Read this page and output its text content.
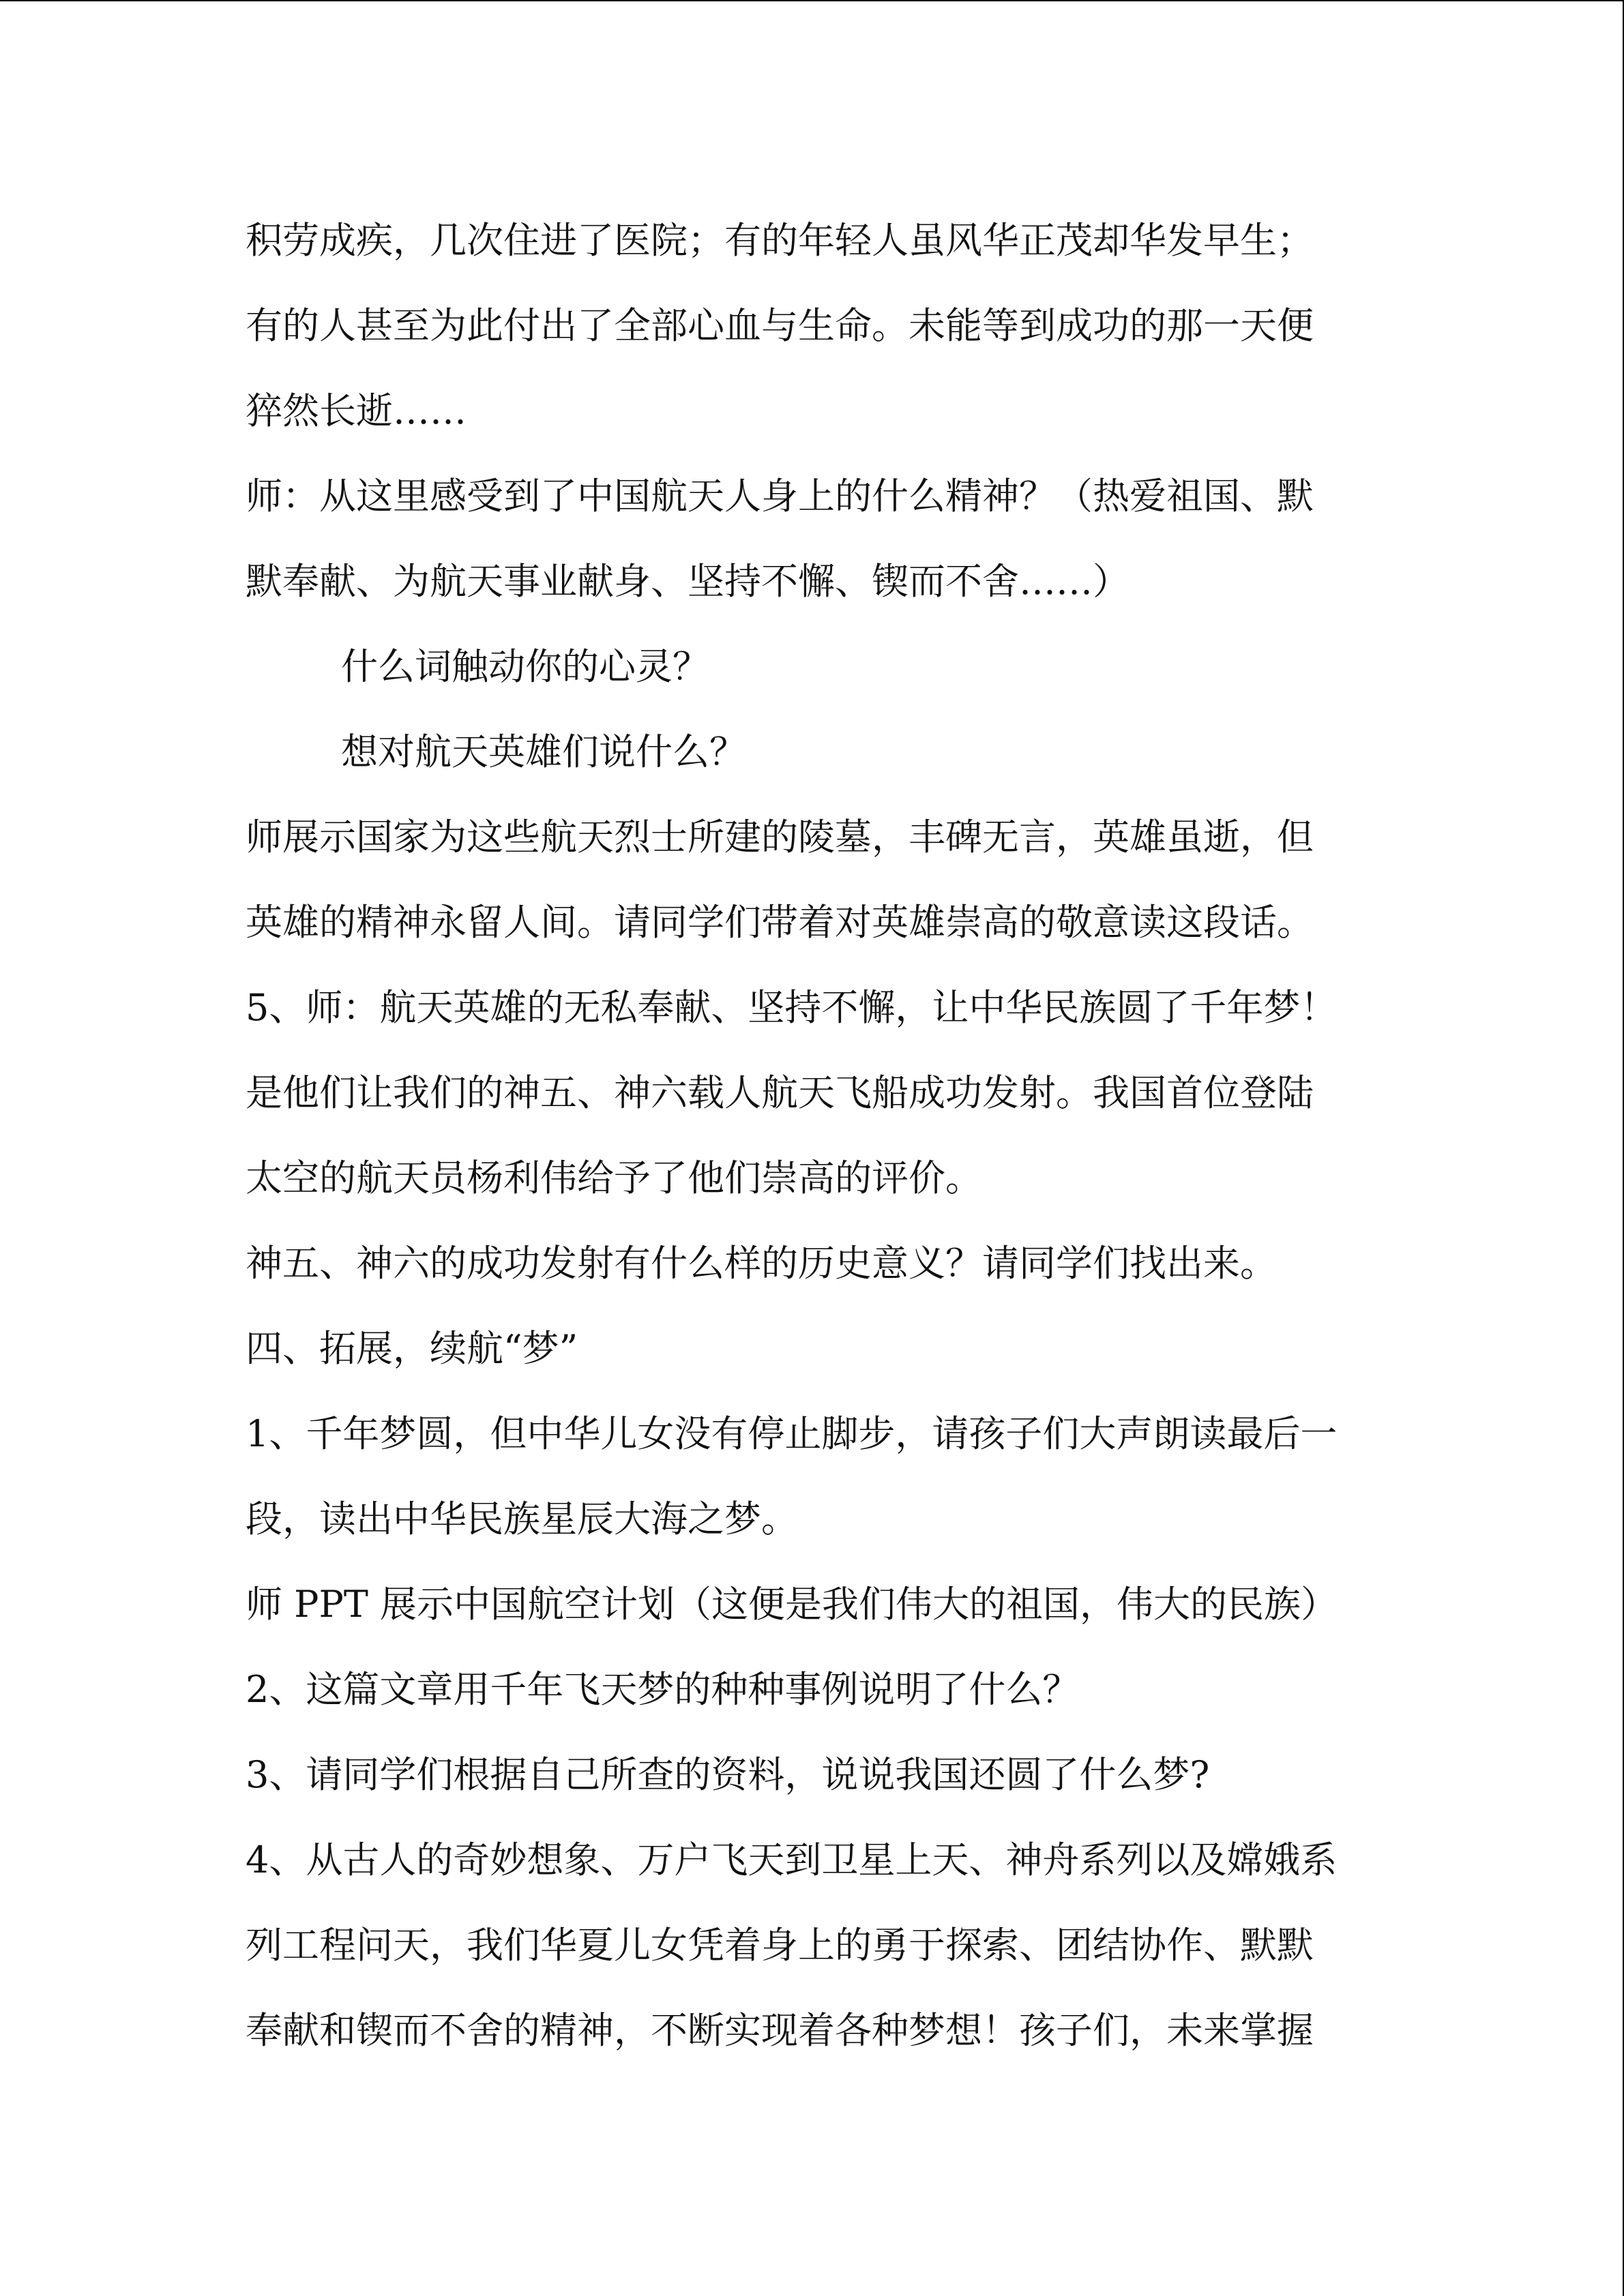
积劳成疾，几次住进了医院；有的年轻人虽风华正茂却华发早生；
有的人甚至为此付出了全部心血与生命。未能等到成功的那一天便
猝然长逝……
师：从这里感受到了中国航天人身上的什么精神？（热爱祖国、默
默奉献、为航天事业献身、坚持不懈、锲而不舍……）
什么词触动你的心灵？
想对航天英雄们说什么？
师展示国家为这些航天烈士所建的陵墓，丰碑无言，英雄虽逝，但
英雄的精神永留人间。请同学们带着对英雄崇高的敬意读这段话。
5、师：航天英雄的无私奉献、坚持不懈，让中华民族圆了千年梦！
是他们让我们的神五、神六载人航天飞船成功发射。我国首位登陆
太空的航天员杨利伟给予了他们崇高的评价。
神五、神六的成功发射有什么样的历史意义？请同学们找出来。
四、拓展，续航“梦”
1、千年梦圆，但中华儿女没有停止脚步，请孩子们大声朗读最后一
段，读出中华民族星辰大海之梦。
师 PPT 展示中国航空计划（这便是我们伟大的祖国，伟大的民族）
2、这篇文章用千年飞天梦的种种事例说明了什么？
3、请同学们根据自己所查的资料，说说我国还圆了什么梦?
4、从古人的奇妙想象、万户飞天到卫星上天、神舟系列以及嫦娥系
列工程问天，我们华夏儿女凭着身上的勇于探索、团结协作、默默
奉献和锲而不舍的精神，不断实现着各种梦想！孩子们，未来掌握
